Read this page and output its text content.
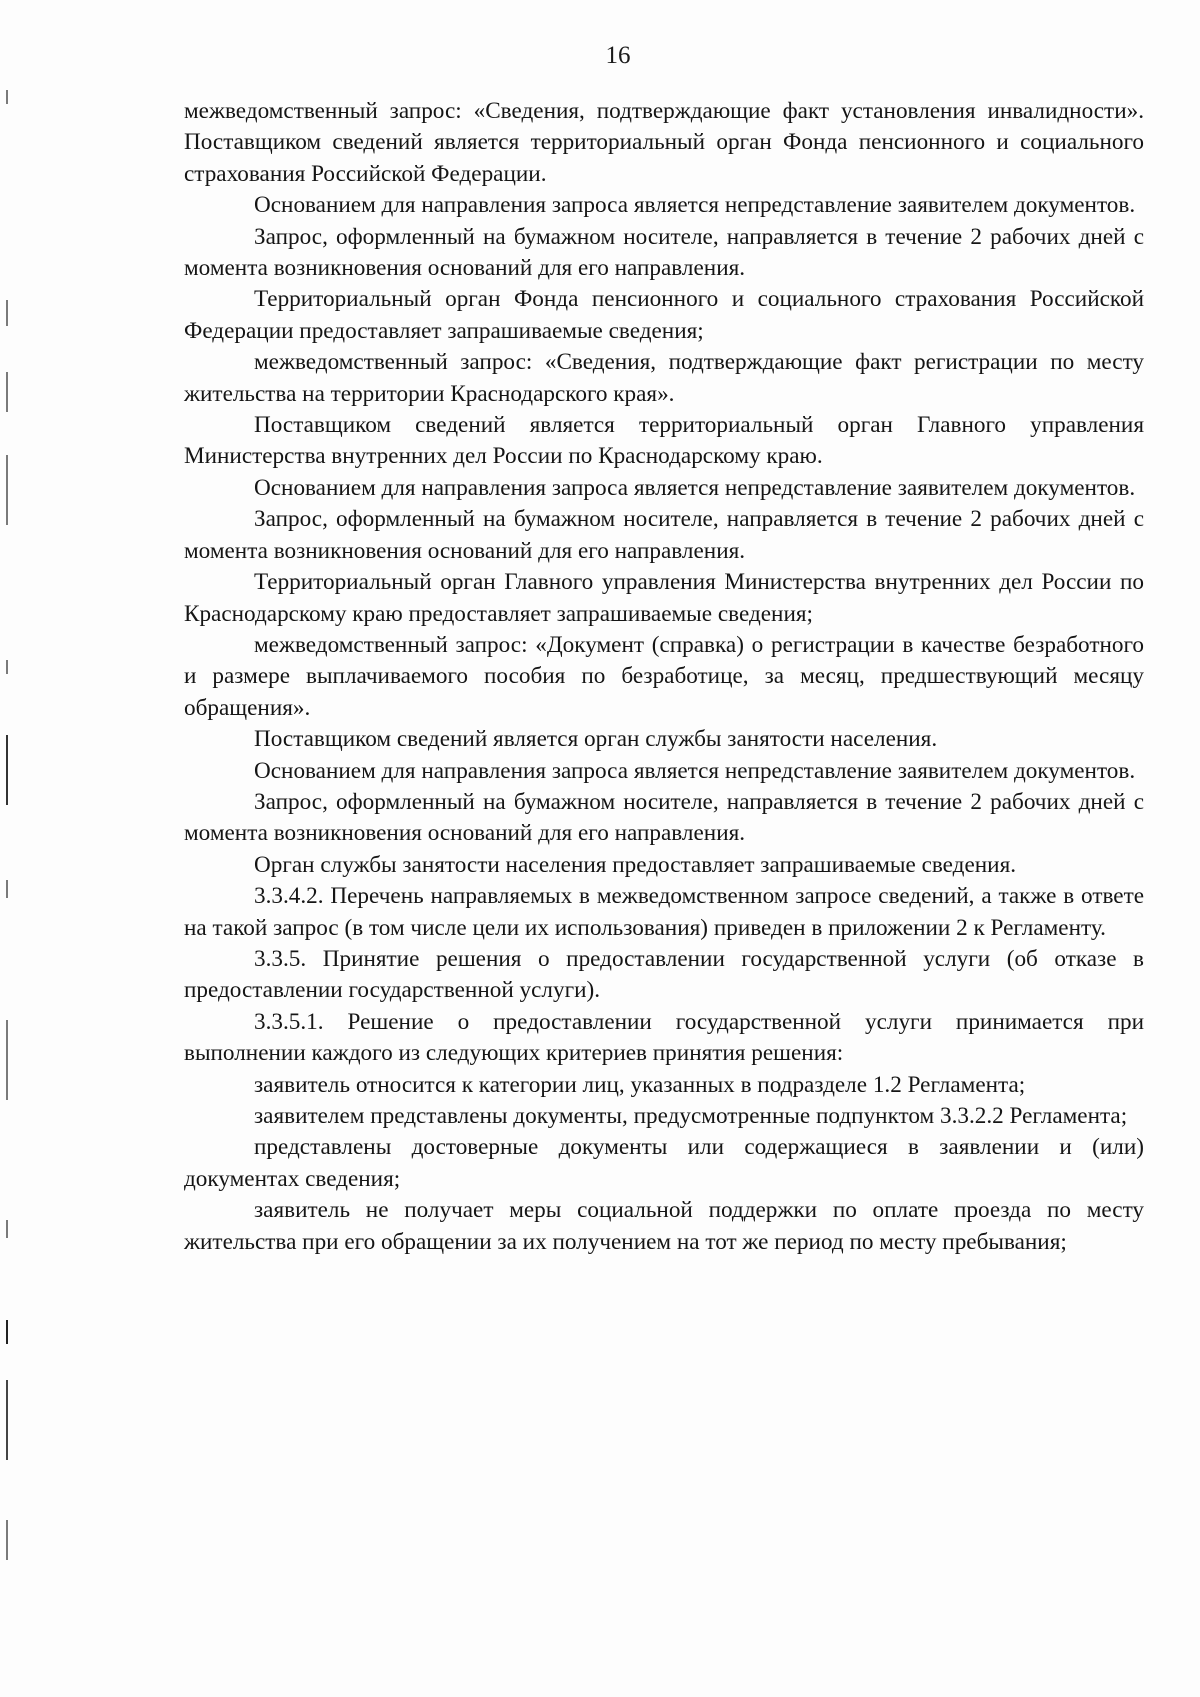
16

межведомственный запрос: «Сведения, подтверждающие факт установления инвалидности». Поставщиком сведений является территориальный орган Фонда пенсионного и социального страхования Российской Федерации.

Основанием для направления запроса является непредставление заявителем документов.

Запрос, оформленный на бумажном носителе, направляется в течение 2 рабочих дней с момента возникновения оснований для его направления.

Территориальный орган Фонда пенсионного и социального страхования Российской Федерации предоставляет запрашиваемые сведения;

межведомственный запрос: «Сведения, подтверждающие факт регистрации по месту жительства на территории Краснодарского края».

Поставщиком сведений является территориальный орган Главного управления Министерства внутренних дел России по Краснодарскому краю.

Основанием для направления запроса является непредставление заявителем документов.

Запрос, оформленный на бумажном носителе, направляется в течение 2 рабочих дней с момента возникновения оснований для его направления.

Территориальный орган Главного управления Министерства внутренних дел России по Краснодарскому краю предоставляет запрашиваемые сведения;

межведомственный запрос: «Документ (справка) о регистрации в качестве безработного и размере выплачиваемого пособия по безработице, за месяц, предшествующий месяцу обращения».

Поставщиком сведений является орган службы занятости населения.

Основанием для направления запроса является непредставление заявителем документов.

Запрос, оформленный на бумажном носителе, направляется в течение 2 рабочих дней с момента возникновения оснований для его направления.

Орган службы занятости населения предоставляет запрашиваемые сведения.

3.3.4.2. Перечень направляемых в межведомственном запросе сведений, а также в ответе на такой запрос (в том числе цели их использования) приведен в приложении 2 к Регламенту.

3.3.5. Принятие решения о предоставлении государственной услуги (об отказе в предоставлении государственной услуги).

3.3.5.1. Решение о предоставлении государственной услуги принимается при выполнении каждого из следующих критериев принятия решения:

заявитель относится к категории лиц, указанных в подразделе 1.2 Регламента;

заявителем представлены документы, предусмотренные подпунктом 3.3.2.2 Регламента;

представлены достоверные документы или содержащиеся в заявлении и (или) документах сведения;

заявитель не получает меры социальной поддержки по оплате проезда по месту жительства при его обращении за их получением на тот же период по месту пребывания;
